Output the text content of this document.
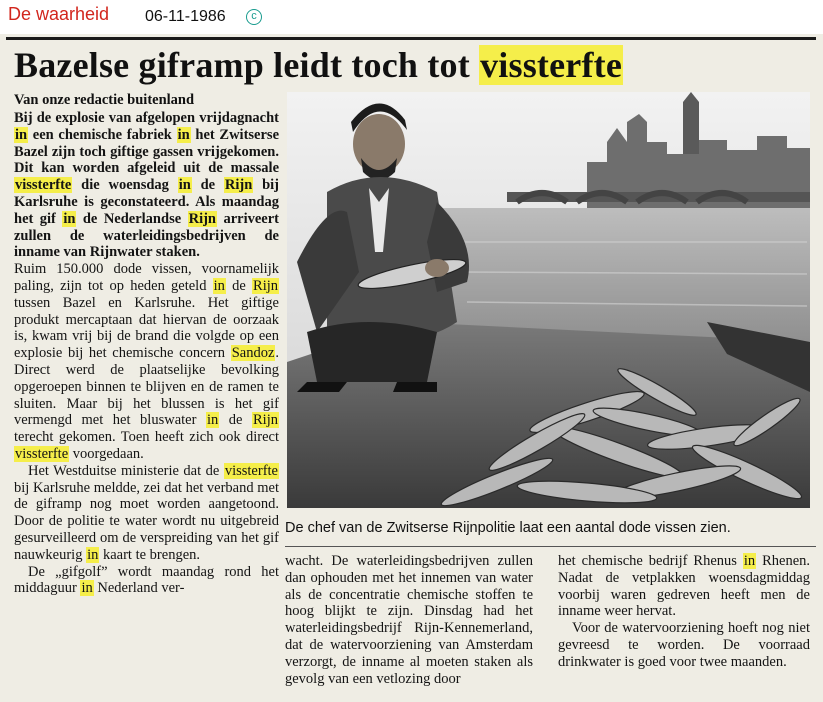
De waarheid 06-11-1986	c
Bazelse giframp leidt toch tot vissterfte
Van onze redactie buitenland

Bij de explosie van afgelopen vrijdagnacht in een chemische fabriek in het Zwitserse Bazel zijn toch giftige gassen vrijgekomen. Dit kan worden afgeleid uit de massale vissterfte die woensdag in de Rijn bij Karlsruhe is geconstateerd. Als maandag het gif in de Nederlandse Rijn arriveert zullen de waterleidingsbedrijven de inname van Rijnwater staken.

Ruim 150.000 dode vissen, voornamelijk paling, zijn tot op heden geteld in de Rijn tussen Bazel en Karlsruhe. Het giftige produkt mercaptaan dat hiervan de oorzaak is, kwam vrij bij de brand die volgde op een explosie bij het chemische concern Sandoz. Direct werd de plaatselijke bevolking opgeroepen binnen te blijven en de ramen te sluiten. Maar bij het blussen is het gif vermengd met het bluswater in de Rijn terecht gekomen. Toen heeft zich ook direct vissterfte voorgedaan.

Het Westduitse ministerie dat de vissterfte bij Karlsruhe meldde, zei dat het verband met de giframp nog moet worden aangetoond. Door de politie te water wordt nu uitgebreid gesurveilleerd om de verspreiding van het gif nauwkeurig in kaart te brengen.

De „gifgolf” wordt maandag rond het middaguur in Nederland ver-

De chef van de Zwitserse Rijnpolitie laat een aantal dode vissen zien.

wacht. De waterleidingsbedrijven zullen dan ophouden met het innemen van water als de concentratie chemische stoffen te hoog blijkt te zijn. Dinsdag had het waterleidingsbedrijf Rijn-Kennemerland, dat de watervoorziening van Amsterdam verzorgt, de inname al moeten staken als gevolg van een vetlozing door

het chemische bedrijf Rhenus in Rhenen. Nadat de vetplakken woensdagmiddag voorbij waren gedreven heeft men de inname weer hervat.

Voor de watervoorziening hoeft nog niet gevreesd te worden. De voorraad drinkwater is goed voor twee maanden.
